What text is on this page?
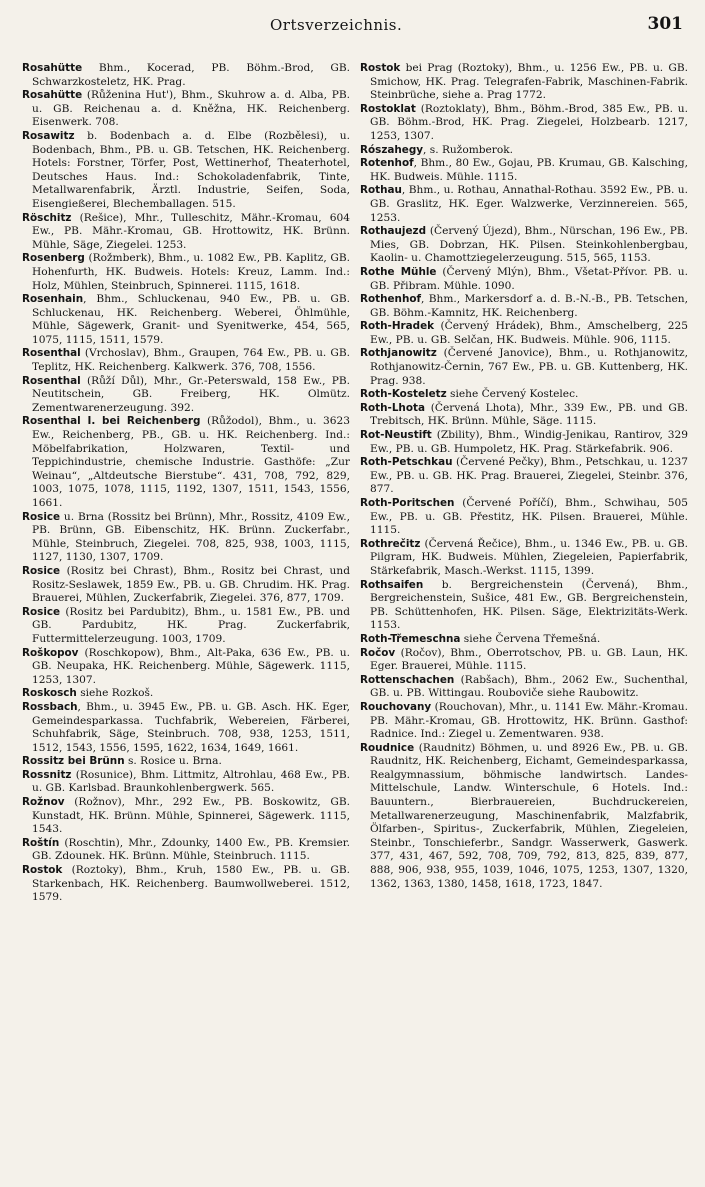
Ortsverzeichnis.	301

Rosahütte Bhm., Kocerad, PB. Böhm.-Brod, GB. Schwarzkosteletz, HK. Prag.

Rosahütte (Růženina Hut'), Bhm., Skuhrow a. d. Alba, PB. u. GB. Reichenau a. d. Kněžna, HK. Reichenberg. Eisenwerk. 708.

Rosawitz b. Bodenbach a. d. Elbe (Rozbělesi), u. Bodenbach, Bhm., PB. u. GB. Tetschen, HK. Reichenberg. Hotels: Forstner, Törfer, Post, Wettinerhof, Theaterhotel, Deutsches Haus. Ind.: Schokoladenfabrik, Tinte, Metallwarenfabrik, Ärztl. Industrie, Seifen, Soda, Eisengießerei, Blechemballagen. 515.

Röschitz (Rešice), Mhr., Tulleschitz, Mähr.-Kromau, 604 Ew., PB. Mähr.-Kromau, GB. Hrottowitz, HK. Brünn. Mühle, Säge, Ziegelei. 1253.

Rosenberg (Rožmberk), Bhm., u. 1082 Ew., PB. Kaplitz, GB. Hohenfurth, HK. Budweis. Hotels: Kreuz, Lamm. Ind.: Holz, Mühlen, Steinbruch, Spinnerei. 1115, 1618.

Rosenhain, Bhm., Schluckenau, 940 Ew., PB. u. GB. Schluckenau, HK. Reichenberg. Weberei, Öhlmühle, Mühle, Sägewerk, Granit- und Syenitwerke, 454, 565, 1075, 1115, 1511, 1579.

Rosenthal (Vrchoslav), Bhm., Graupen, 764 Ew., PB. u. GB. Teplitz, HK. Reichenberg. Kalkwerk. 376, 708, 1556.

Rosenthal (Růží Důl), Mhr., Gr.-Peterswald, 158 Ew., PB. Neutitschein, GB. Freiberg, HK. Olmütz. Zementwarenerzeugung. 392.

Rosenthal I. bei Reichenberg (Růžodol), Bhm., u. 3623 Ew., Reichenberg, PB., GB. u. HK. Reichenberg. Ind.: Möbelfabrikation, Holzwaren, Textil- und Teppichindustrie, chemische Industrie. Gasthöfe: „Zur Weinau“, „Altdeutsche Bierstube“. 431, 708, 792, 829, 1003, 1075, 1078, 1115, 1192, 1307, 1511, 1543, 1556, 1661.

Rosice u. Brna (Rossitz bei Brünn), Mhr., Rossitz, 4109 Ew., PB. Brünn, GB. Eibenschitz, HK. Brünn. Zuckerfabr., Mühle, Steinbruch, Ziegelei. 708, 825, 938, 1003, 1115, 1127, 1130, 1307, 1709.

Rosice (Rositz bei Chrast), Bhm., Rositz bei Chrast, und Rositz-Seslawek, 1859 Ew., PB. u. GB. Chrudim. HK. Prag. Brauerei, Mühlen, Zuckerfabrik, Ziegelei. 376, 877, 1709.

Rosice (Rositz bei Pardubitz), Bhm., u. 1581 Ew., PB. und GB. Pardubitz, HK. Prag. Zuckerfabrik, Futtermittelerzeugung. 1003, 1709.

Roškopov (Roschkopow), Bhm., Alt-Paka, 636 Ew., PB. u. GB. Neupaka, HK. Reichenberg. Mühle, Sägewerk. 1115, 1253, 1307.

Roskosch siehe Rozkoš.

Rossbach, Bhm., u. 3945 Ew., PB. u. GB. Asch. HK. Eger, Gemeindesparkassa. Tuchfabrik, Webereien, Färberei, Schuhfabrik, Säge, Steinbruch. 708, 938, 1253, 1511, 1512, 1543, 1556, 1595, 1622, 1634, 1649, 1661.

Rossitz bei Brünn s. Rosice u. Brna.

Rossnitz (Rosunice), Bhm. Littmitz, Altrohlau, 468 Ew., PB. u. GB. Karlsbad. Braunkohlenbergwerk. 565.

Rožnov (Rožnov), Mhr., 292 Ew., PB. Boskowitz, GB. Kunstadt, HK. Brünn. Mühle, Spinnerei, Sägewerk. 1115, 1543.

Roštín (Roschtin), Mhr., Zdounky, 1400 Ew., PB. Kremsier. GB. Zdounek. HK. Brünn. Mühle, Steinbruch. 1115.

Rostok (Roztoky), Bhm., Kruh, 1580 Ew., PB. u. GB. Starkenbach, HK. Reichenberg. Baumwollweberei. 1512, 1579.

Rostok bei Prag (Roztoky), Bhm., u. 1256 Ew., PB. u. GB. Smichow, HK. Prag. Telegrafen-Fabrik, Maschinen-Fabrik. Steinbrüche, siehe a. Prag 1772.

Rostoklat (Roztoklaty), Bhm., Böhm.-Brod, 385 Ew., PB. u. GB. Böhm.-Brod, HK. Prag. Ziegelei, Holzbearb. 1217, 1253, 1307.

Rószahegy, s. Ružomberok.

Rotenhof, Bhm., 80 Ew., Gojau, PB. Krumau, GB. Kalsching, HK. Budweis. Mühle. 1115.

Rothau, Bhm., u. Rothau, Annathal-Rothau. 3592 Ew., PB. u. GB. Graslitz, HK. Eger. Walzwerke, Verzinnereien. 565, 1253.

Rothaujezd (Červený Újezd), Bhm., Nürschan, 196 Ew., PB. Mies, GB. Dobrzan, HK. Pilsen. Steinkohlenbergbau, Kaolin- u. Chamottziegelerzeugung. 515, 565, 1153.

Rothe Mühle (Červený Mlýn), Bhm., Všetat-Přívor. PB. u. GB. Přibram. Mühle. 1090.

Rothenhof, Bhm., Markersdorf a. d. B.-N.-B., PB. Tetschen, GB. Böhm.-Kamnitz, HK. Reichenberg.

Roth-Hradek (Červený Hrádek), Bhm., Amschelberg, 225 Ew., PB. u. GB. Selčan, HK. Budweis. Mühle. 906, 1115.

Rothjanowitz (Červené Janovice), Bhm., u. Rothjanowitz, Rothjanowitz-Černin, 767 Ew., PB. u. GB. Kuttenberg, HK. Prag. 938.

Roth-Kosteletz siehe Červený Kostelec.

Roth-Lhota (Červená Lhota), Mhr., 339 Ew., PB. und GB. Trebitsch, HK. Brünn. Mühle, Säge. 1115.

Rot-Neustift (Zbility), Bhm., Windig-Jenikau, Rantirov, 329 Ew., PB. u. GB. Humpoletz, HK. Prag. Stärkefabrik. 906.

Roth-Petschkau (Červené Pečky), Bhm., Petschkau, u. 1237 Ew., PB. u. GB. HK. Prag. Brauerei, Ziegelei, Steinbr. 376, 877.

Roth-Poritschen (Červené Poříčí), Bhm., Schwihau, 505 Ew., PB. u. GB. Přestitz, HK. Pilsen. Brauerei, Mühle. 1115.

Rothrečitz (Červená Řečice), Bhm., u. 1346 Ew., PB. u. GB. Pilgram, HK. Budweis. Mühlen, Ziegeleien, Papierfabrik, Stärkefabrik, Masch.-Werkst. 1115, 1399.

Rothsaifen b. Bergreichenstein (Červená), Bhm., Bergreichenstein, Sušice, 481 Ew., GB. Bergreichenstein, PB. Schüttenhofen, HK. Pilsen. Säge, Elektrizitäts-Werk. 1153.

Roth-Třemeschna siehe Červena Třemešná.

Ročov (Ročov), Bhm., Oberrotschov, PB. u. GB. Laun, HK. Eger. Brauerei, Mühle. 1115.

Rottenschachen (Rabšach), Bhm., 2062 Ew., Suchenthal, GB. u. PB. Wittingau. Rouboviče siehe Raubowitz.

Rouchovany (Rouchovan), Mhr., u. 1141 Ew. Mähr.-Kromau. PB. Mähr.-Kromau, GB. Hrottowitz, HK. Brünn. Gasthof: Radnice. Ind.: Ziegel u. Zementwaren. 938.

Roudnice (Raudnitz) Böhmen, u. und 8926 Ew., PB. u. GB. Raudnitz, HK. Reichenberg, Eichamt, Gemeindesparkassa, Realgymnassium, böhmische landwirtsch. Landes-Mittelschule, Landw. Winterschule, 6 Hotels. Ind.: Bauuntern., Bierbrauereien, Buchdruckereien, Metallwarenerzeugung, Maschinenfabrik, Malzfabrik, Ölfarben-, Spiritus-, Zuckerfabrik, Mühlen, Ziegeleien, Steinbr., Tonschieferbr., Sandgr. Wasserwerk, Gaswerk. 377, 431, 467, 592, 708, 709, 792, 813, 825, 839, 877, 888, 906, 938, 955, 1039, 1046, 1075, 1253, 1307, 1320, 1362, 1363, 1380, 1458, 1618, 1723, 1847.
